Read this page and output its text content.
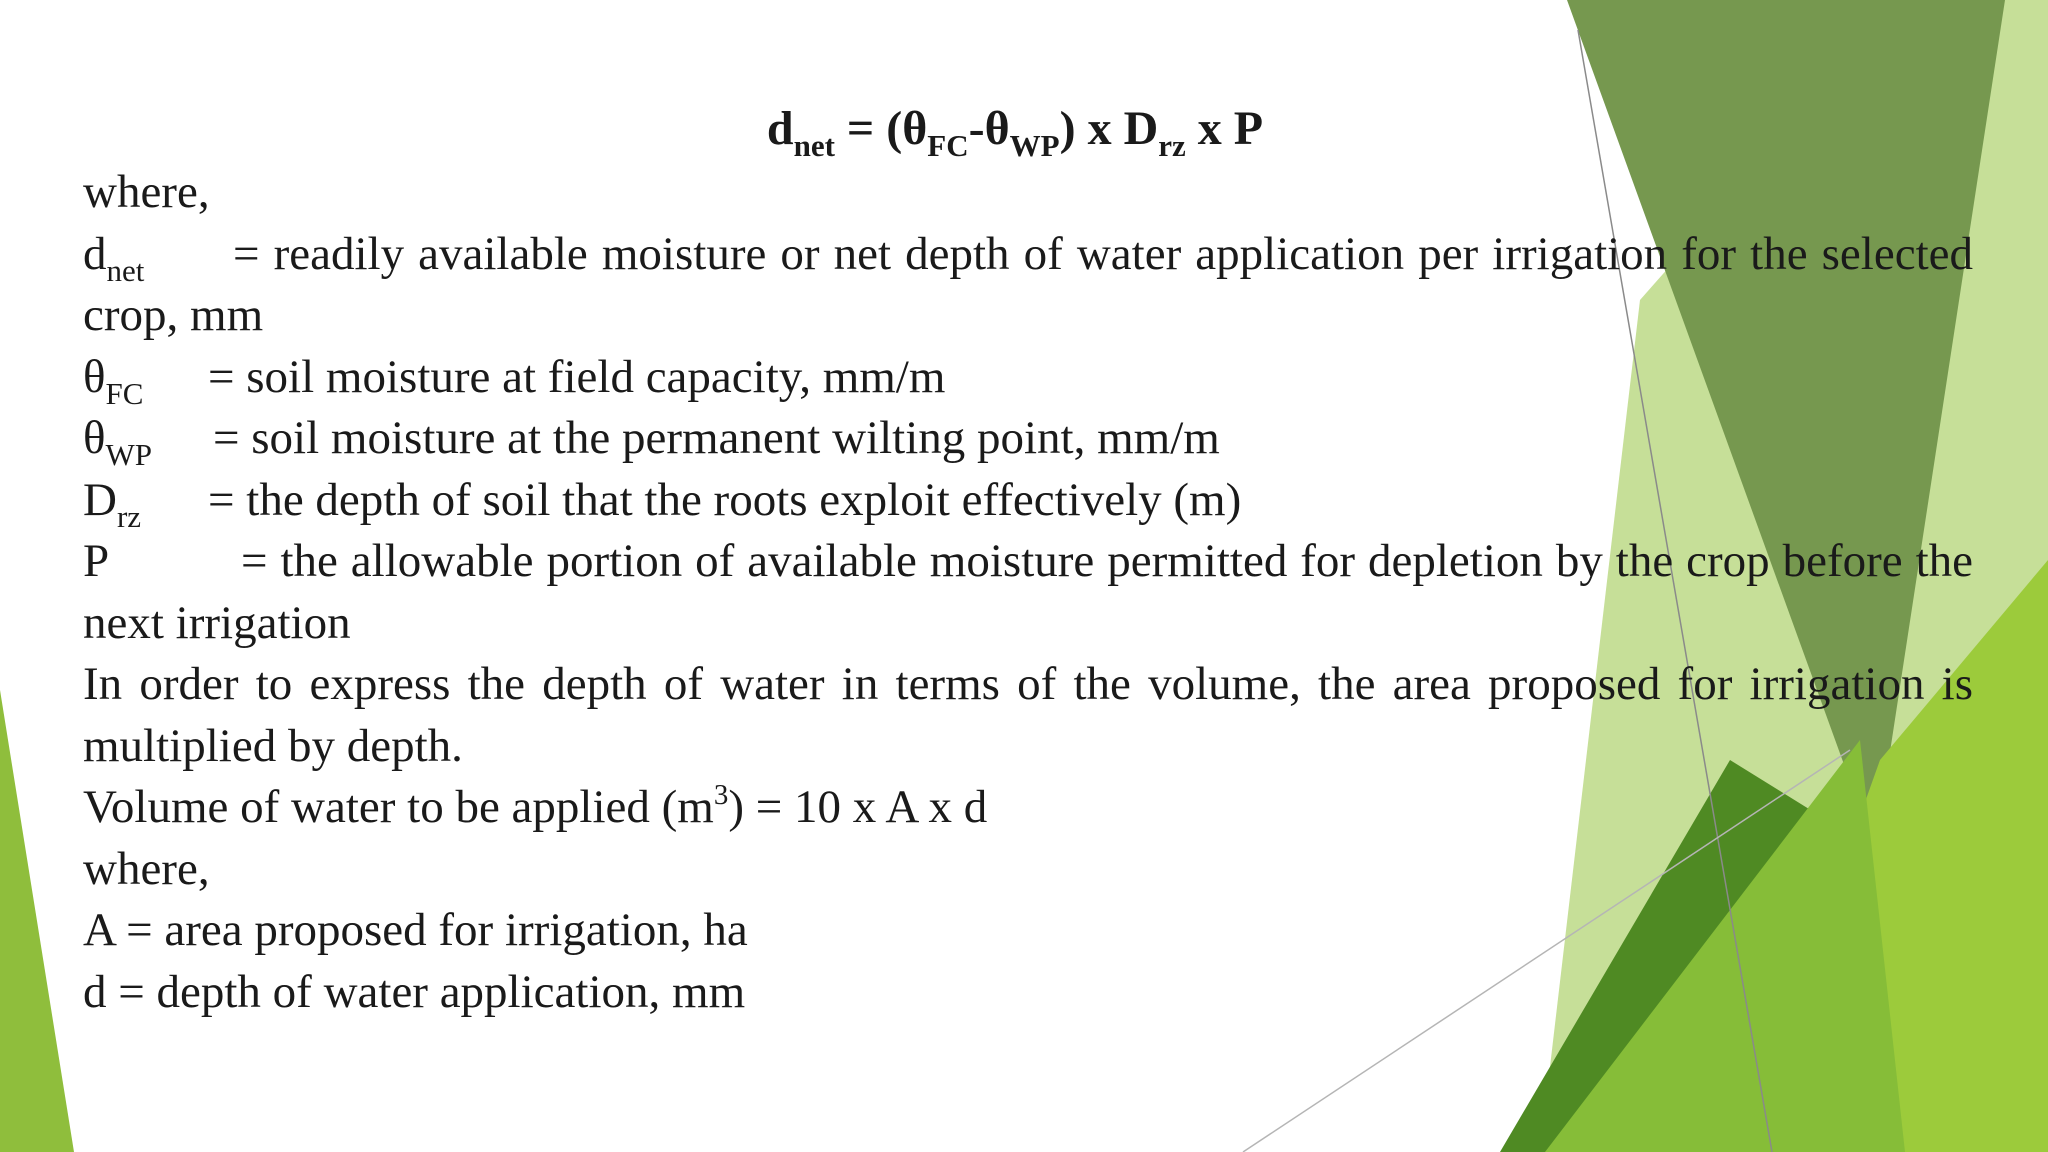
$d_{net} = (\theta_{FC}-\theta_{WP})$ x $D_{rz}$ x P
where,
$d_{net}$ = readily available moisture or net depth of water application per irrigation for the selected crop, mm
$\theta_{FC}$ = soil moisture at field capacity, mm/m
$\theta_{WP}$ = soil moisture at the permanent wilting point, mm/m
$D_{rz}$ = the depth of soil that the roots exploit effectively (m)
P	= the allowable portion of available moisture permitted for depletion by the crop before the next irrigation
In order to express the depth of water in terms of the volume, the area proposed for irrigation is multiplied by depth.
Volume of water to be applied $(m^3) = 10$ x A x d
where,
A = area proposed for irrigation, ha
d = depth of water application, mm
